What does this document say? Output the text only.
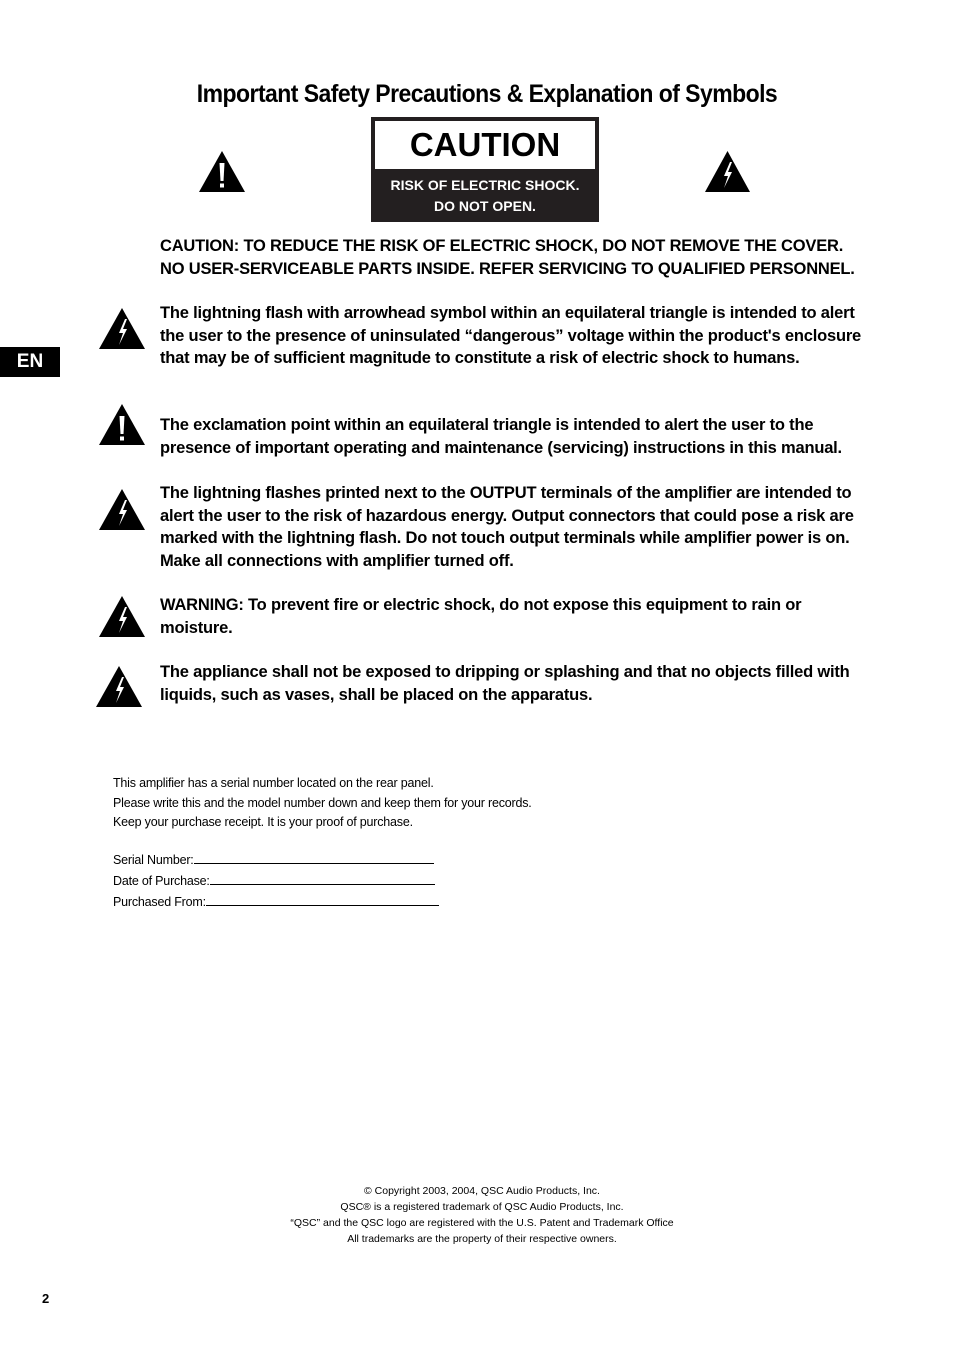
Important Safety Precautions & Explanation of Symbols
CAUTION
RISK OF ELECTRIC SHOCK.
DO NOT OPEN.
CAUTION: TO REDUCE THE RISK OF ELECTRIC SHOCK, DO NOT REMOVE THE COVER. NO USER-SERVICEABLE PARTS INSIDE. REFER SERVICING TO QUALIFIED PERSONNEL.
EN
The lightning flash with arrowhead symbol within an equilateral triangle is intended to alert the user to the presence of uninsulated “dangerous” voltage within the product's enclosure that may be of sufficient magnitude to constitute a risk of electric shock to humans.
The exclamation point within an equilateral triangle is intended to alert the user to the presence of important operating and maintenance (servicing) instructions in this manual.
The lightning flashes printed next to the OUTPUT terminals of the amplifier are intended to alert the user to the risk of hazardous energy. Output connectors that could pose a risk are marked with the lightning flash. Do not touch output terminals while amplifier power is on. Make all connections with amplifier turned off.
WARNING: To prevent fire or electric shock, do not expose this equipment to rain or moisture.
The appliance shall not be exposed to dripping or splashing and that no objects filled with liquids, such as vases, shall be placed on the apparatus.
This amplifier has a serial number located on the rear panel.
Please write this and the model number down and keep them for your records.
Keep your purchase receipt. It is your proof of purchase.
Serial Number:
Date of Purchase:
Purchased From:
© Copyright 2003, 2004, QSC Audio Products, Inc.
QSC® is a registered trademark of QSC Audio Products, Inc.
“QSC” and the QSC logo are registered with the U.S. Patent and Trademark Office
All trademarks are the property of their respective owners.
2
